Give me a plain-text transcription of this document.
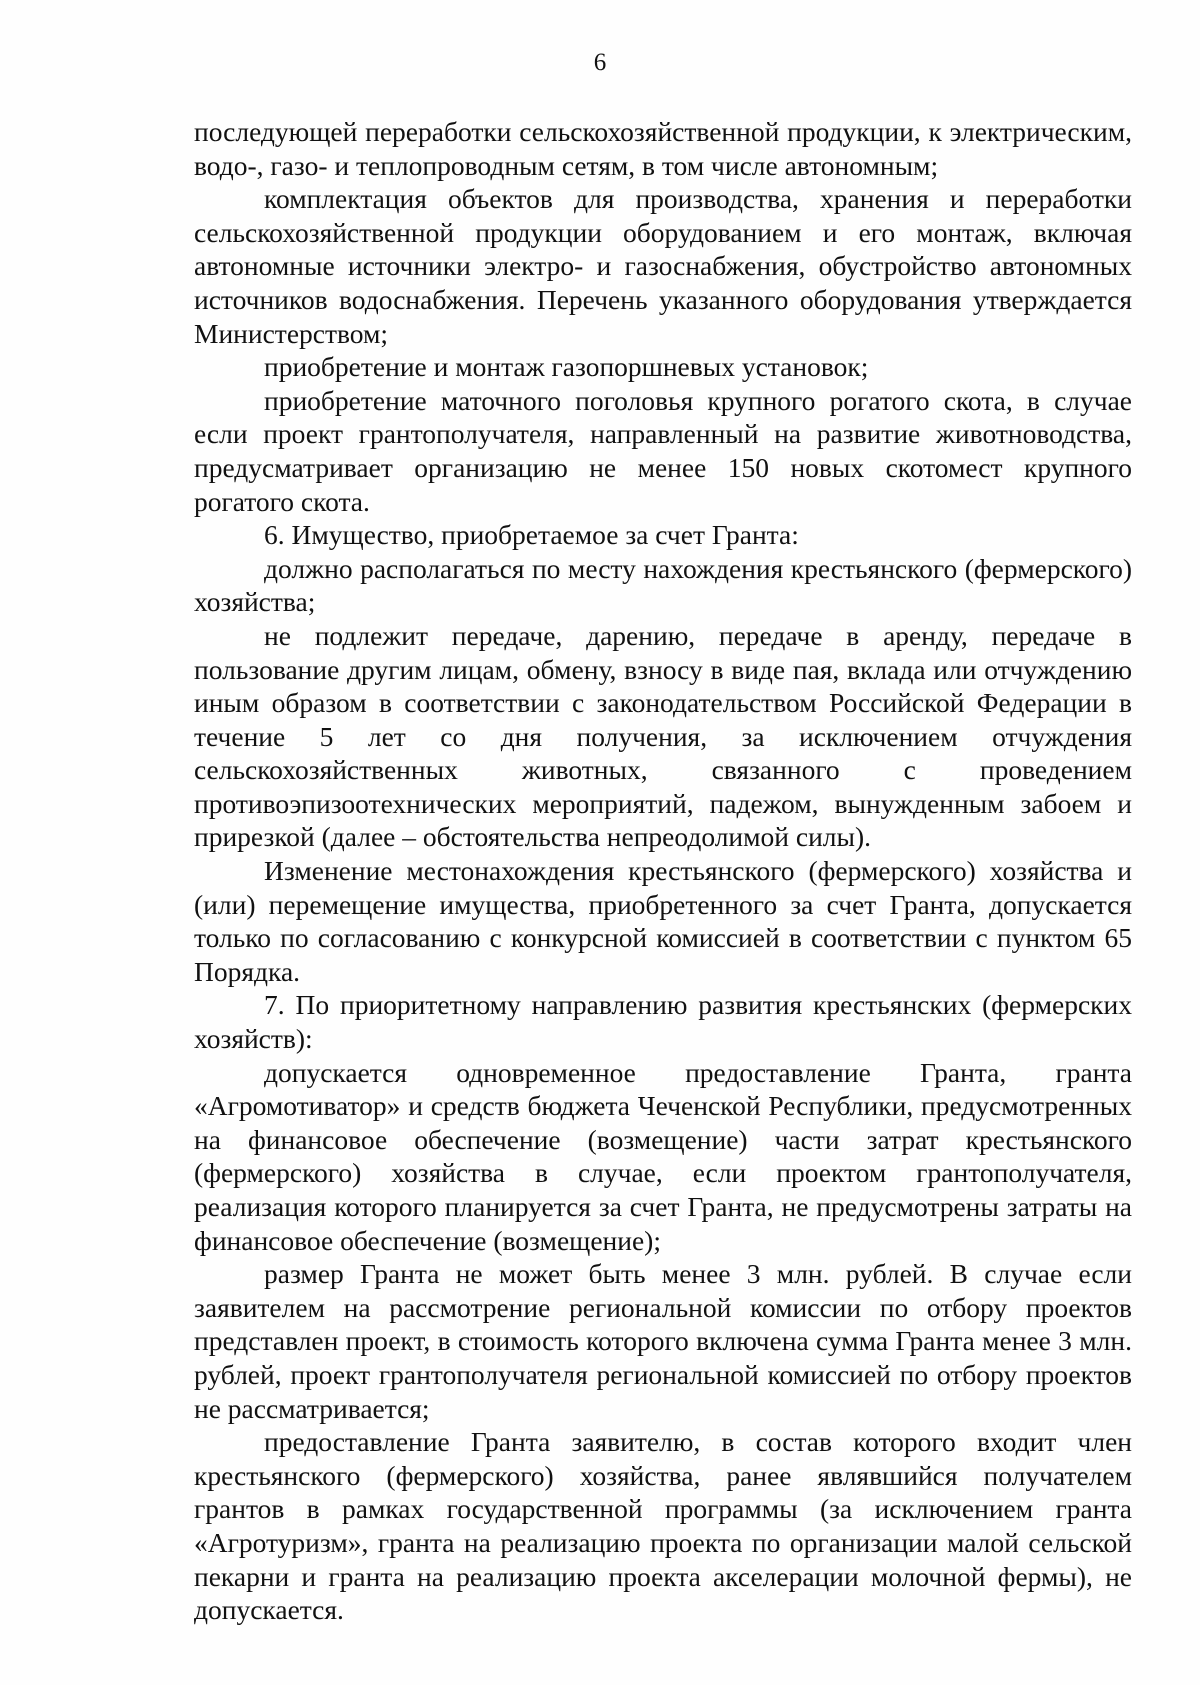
6

последующей переработки сельскохозяйственной продукции, к электрическим, водо-, газо- и теплопроводным сетям, в том числе автономным;

комплектация объектов для производства, хранения и переработки сельскохозяйственной продукции оборудованием и его монтаж, включая автономные источники электро- и газоснабжения, обустройство автономных источников водоснабжения. Перечень указанного оборудования утверждается Министерством;

приобретение и монтаж газопоршневых установок;

приобретение маточного поголовья крупного рогатого скота, в случае если проект грантополучателя, направленный на развитие животноводства, предусматривает организацию не менее 150 новых скотомест крупного рогатого скота.

6. Имущество, приобретаемое за счет Гранта:

должно располагаться по месту нахождения крестьянского (фермерского) хозяйства;

не подлежит передаче, дарению, передаче в аренду, передаче в пользование другим лицам, обмену, взносу в виде пая, вклада или отчуждению иным образом в соответствии с законодательством Российской Федерации в течение 5 лет со дня получения, за исключением отчуждения сельскохозяйственных животных, связанного с проведением противоэпизоотехнических мероприятий, падежом, вынужденным забоем и прирезкой (далее – обстоятельства непреодолимой силы).

Изменение местонахождения крестьянского (фермерского) хозяйства и (или) перемещение имущества, приобретенного за счет Гранта, допускается только по согласованию с конкурсной комиссией в соответствии с пунктом 65 Порядка.

7. По приоритетному направлению развития крестьянских (фермерских хозяйств):

допускается одновременное предоставление Гранта, гранта «Агромотиватор» и средств бюджета Чеченской Республики, предусмотренных на финансовое обеспечение (возмещение) части затрат крестьянского (фермерского) хозяйства в случае, если проектом грантополучателя, реализация которого планируется за счет Гранта, не предусмотрены затраты на финансовое обеспечение (возмещение);

размер Гранта не может быть менее 3 млн. рублей. В случае если заявителем на рассмотрение региональной комиссии по отбору проектов представлен проект, в стоимость которого включена сумма Гранта менее 3 млн. рублей, проект грантополучателя региональной комиссией по отбору проектов не рассматривается;

предоставление Гранта заявителю, в состав которого входит член крестьянского (фермерского) хозяйства, ранее являвшийся получателем грантов в рамках государственной программы (за исключением гранта «Агротуризм», гранта на реализацию проекта по организации малой сельской пекарни и гранта на реализацию проекта акселерации молочной фермы), не допускается.
